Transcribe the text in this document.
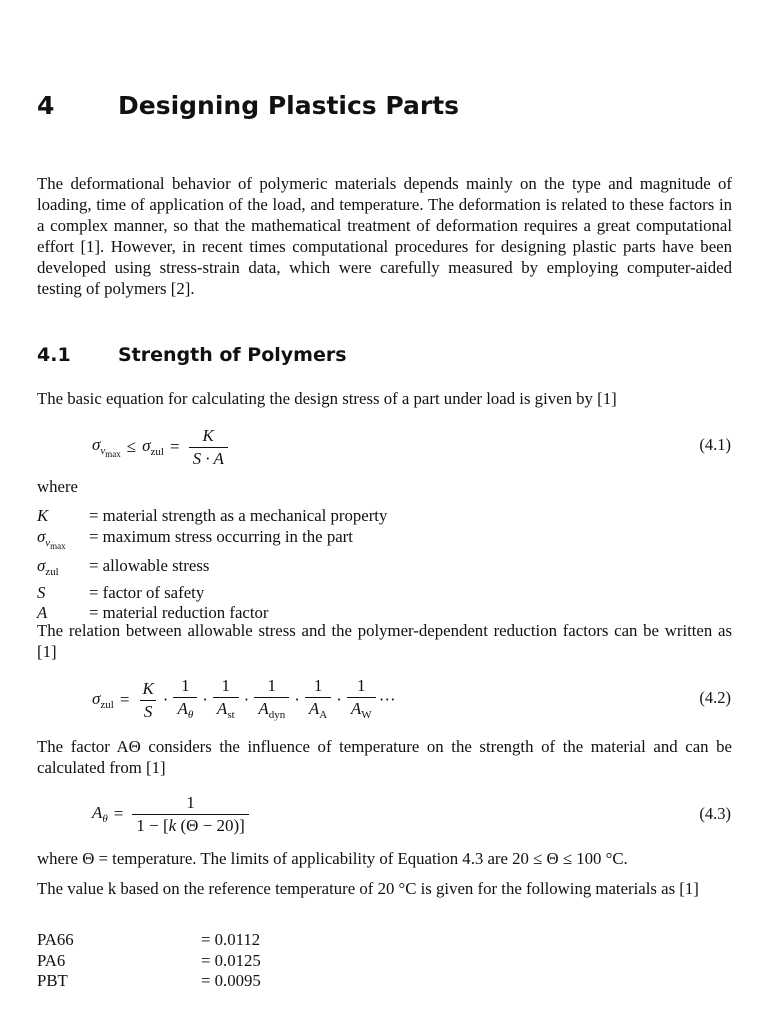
4	Designing Plastics Parts

The deformational behavior of polymeric materials depends mainly on the type and magnitude of loading, time of application of the load, and temperature. The deformation is related to these factors in a complex manner, so that the mathematical treatment of deformation requires a great computational effort [1]. However, in recent times computational procedures for designing plastic parts have been developed using stress-strain data, which were carefully measured by employing computer-aided testing of polymers [2].

4.1 Strength of Polymers

The basic equation for calculating the design stress of a part under load is given by [1]

$\sigma_{v_{max}} \le \sigma_{zul} = \frac{K}{S \cdot A}$	(4.1)

where

K	= material strength as a mechanical property
$\sigma_{v_{max}}$	= maximum stress occurring in the part
$\sigma_{zul}$	= allowable stress
S	= factor of safety
A	= material reduction factor

The relation between allowable stress and the polymer-dependent reduction factors can be written as [1]

$\sigma_{zul} = \frac{K}{S} \cdot \frac{1}{A_\theta} \cdot \frac{1}{A_{st}} \cdot \frac{1}{A_{dyn}} \cdot \frac{1}{A_A} \cdot \frac{1}{A_W}$ ···	(4.2)

The factor AΘ considers the influence of temperature on the strength of the material and can be calculated from [1]

$A_\theta = \frac{1}{1 - [k (\Theta - 20)]}$	(4.3)

where Θ = temperature. The limits of applicability of Equation 4.3 are 20 ≤ Θ ≤ 100 °C.

The value k based on the reference temperature of 20 °C is given for the following materials as [1]

PA66	= 0.0112
PA6	= 0.0125
PBT	= 0.0095
